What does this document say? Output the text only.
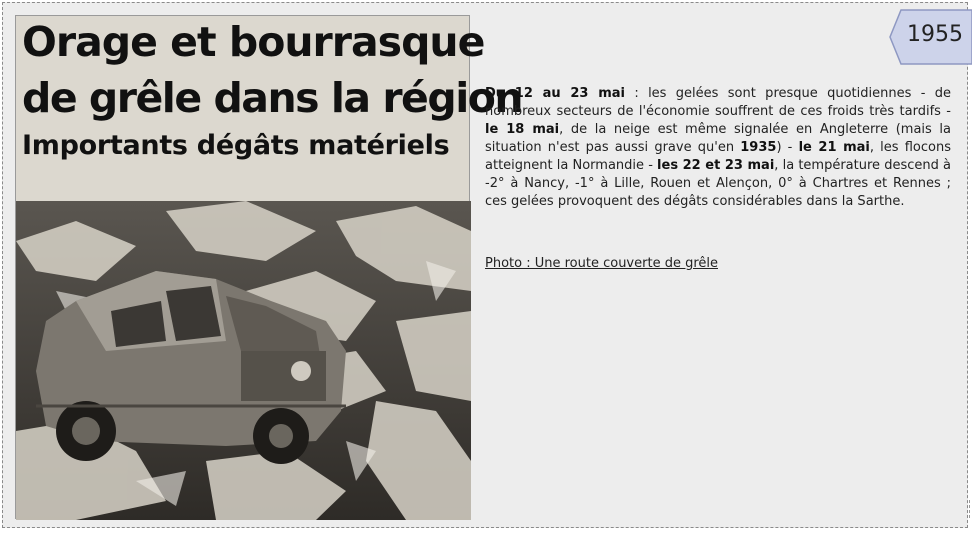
Orage et bourrasque
de grêle dans la région
Importants dégâts matériels
Du 12 au 23 mai : les gelées sont presque quotidiennes - de nombreux secteurs de l'économie souffrent de ces froids très tardifs - le 18 mai, de la neige est même signalée en Angleterre (mais la situation n'est pas aussi grave qu'en 1935) - le 21 mai, les flocons atteignent la Normandie - les 22 et 23 mai, la température descend à -2° à Nancy, -1° à Lille, Rouen et Alençon, 0° à Chartres et Rennes ; ces gelées provoquent des dégâts considérables dans la Sarthe.
Photo : Une route couverte de grêle
1955
